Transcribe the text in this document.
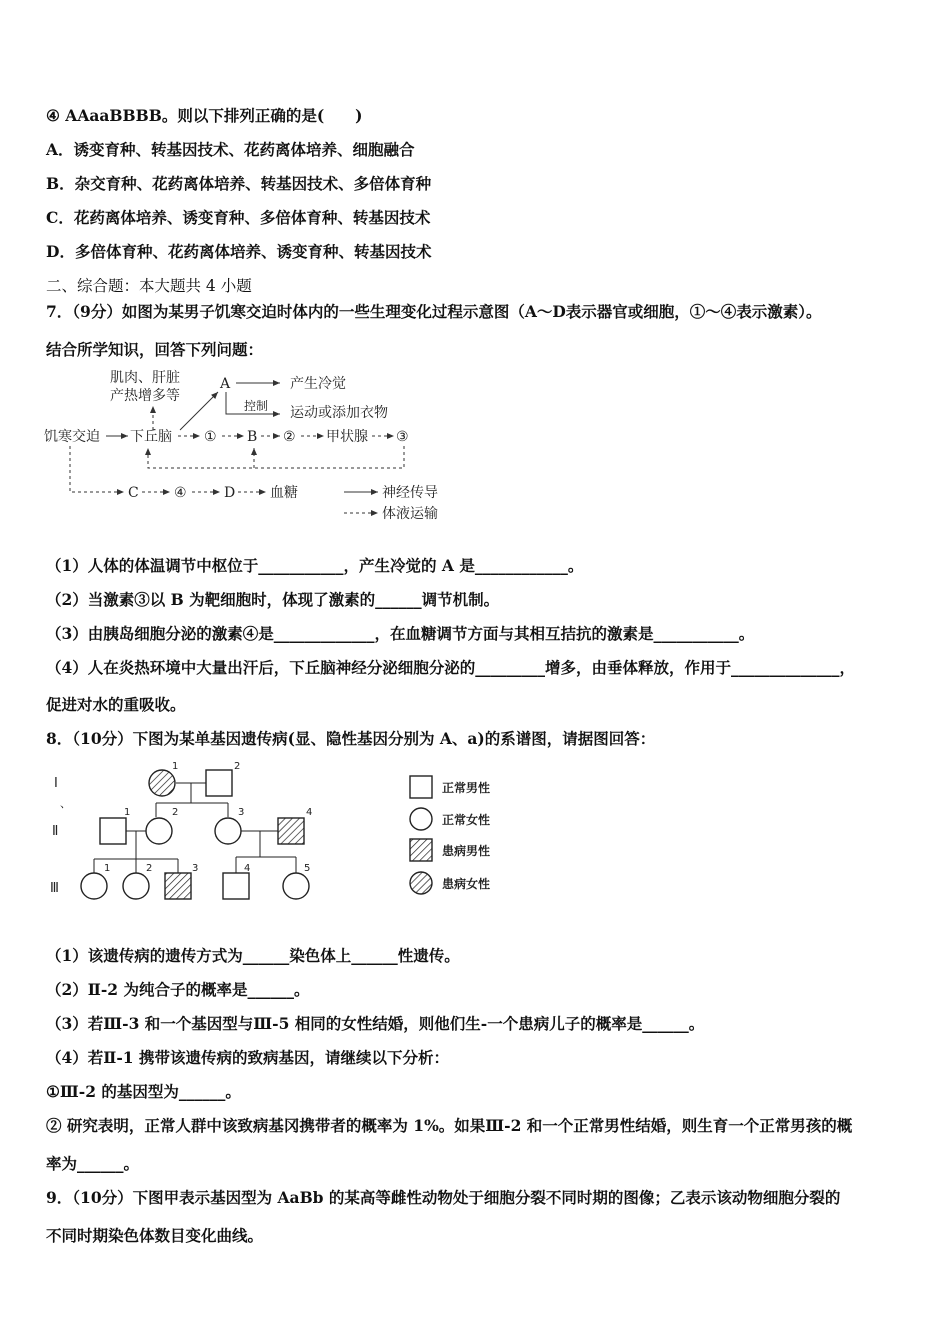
④ AAaaBBBB。则以下排列正确的是(　　)
A．诱变育种、转基因技术、花药离体培养、细胞融合
B．杂交育种、花药离体培养、转基因技术、多倍体育种
C．花药离体培养、诱变育种、多倍体育种、转基因技术
D．多倍体育种、花药离体培养、诱变育种、转基因技术
二、综合题：本大题共 4 小题
7．（9分）如图为某男子饥寒交迫时体内的一些生理变化过程示意图（A～D表示器官或细胞，①～④表示激素）。
结合所学知识，回答下列问题：
肌肉、肝脏
产热增多等
A	产生冷觉
控制 运动或添加衣物
饥寒交迫 下丘脑 ① B ② 甲状腺 ③
C	④	D 血糖	神经传导
体液运输
（1）人体的体温调节中枢位于___________，产生冷觉的 A 是____________。
（2）当激素③以 B 为靶细胞时，体现了激素的______调节机制。
（3）由胰岛细胞分泌的激素④是_____________，在血糖调节方面与其相互拮抗的激素是___________。
（4）人在炎热环境中大量出汗后，下丘脑神经分泌细胞分泌的_________增多，由垂体释放，作用于______________，
促进对水的重吸收。
8．（10分）下图为某单基因遗传病(显、隐性基因分别为 A、a)的系谱图，请据图回答：
Ⅰ
、
Ⅱ
Ⅲ
1	2
1	2	3	4
1	2	3	4	5
正常男性
正常女性
患病男性
患病女性
（1）该遗传病的遗传方式为______染色体上______性遗传。
（2）Ⅱ-2 为纯合子的概率是______。
（3）若Ⅲ-3 和一个基因型与Ⅲ-5 相同的女性结婚，则他们生-一个患病儿子的概率是______。
（4）若Ⅱ-1 携带该遗传病的致病基因，请继续以下分析：
①Ⅲ-2 的基因型为______。
② 研究表明，正常人群中该致病基冈携带者的概率为 1%。如果Ⅲ-2 和一个正常男性结婚，则生育一个正常男孩的概
率为______。
9．（10分）下图甲表示基因型为 AaBb 的某高等雌性动物处于细胞分裂不同时期的图像；乙表示该动物细胞分裂的
不同时期染色体数目变化曲线。
